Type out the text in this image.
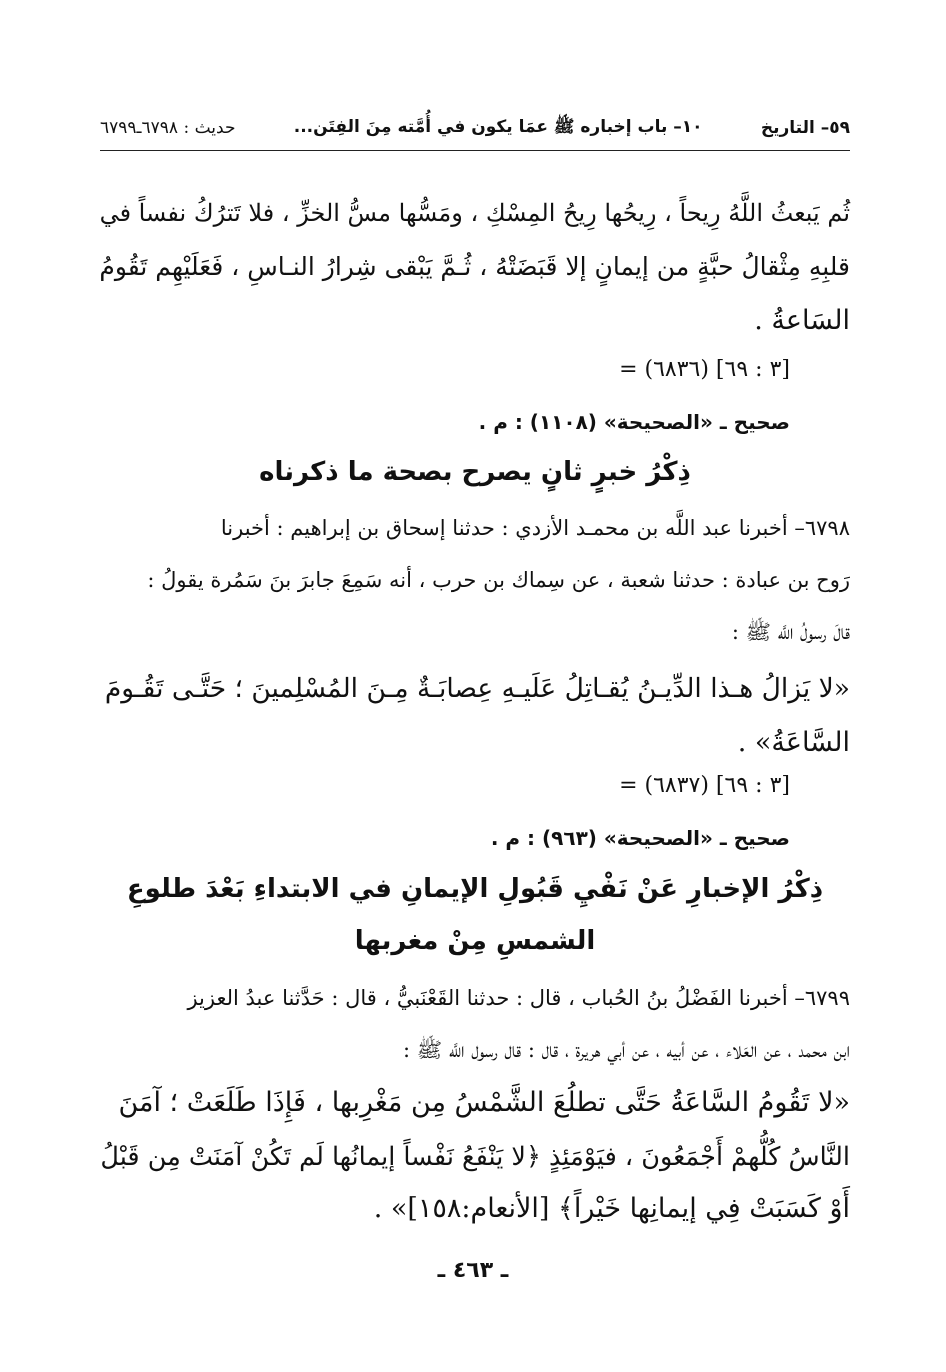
٥٩– التاريخ
١٠– باب إخباره ﷺ عمَا يكون في أُمَّته مِنَ الفِتَن...
حديث : ٦٧٩٨ـ٦٧٩٩
ثُم يَبعثُ اللَّهُ رِيحاً ، رِيحُها رِيحُ المِسْكِ ، ومَسُّها مسُّ الخزِّ ، فلا تَترُكُ نفساً في
قلبِهِ مِثْقالُ حبَّةٍ من إيمانٍ إلا قَبَضَتْهُ ، ثُـمَّ يَبْقى شِرارُ النـاسِ ، فَعَلَيْهِم تَقُومُ
السَاعةُ .
= (٦٨٣٦) [٣ : ٦٩]
صحيح ـ «الصحيحة» (١١٠٨) : م .
ذِكْرُ خبرٍ ثانٍ يصرح بصحة ما ذكرناه
٦٧٩٨– أخبرنا عبد اللَّه بن محمـد الأزدي : حدثنا إسحاق بن إبراهيم : أخبرنا
رَوح بن عبادة : حدثنا شعبة ، عن سِماك بن حرب ، أنه سَمِعَ جابرَ بنَ سَمُرة يقولُ :
قالَ رسولُ اللَّه ﷺ :
«لا يَزالُ هـذا الدِّيـنُ يُقـاتِلُ عَلَيـهِ عِصابَـةٌ مِـنَ المُسْلِمينَ ؛ حَتَّـى تَقُـومَ
السَّاعَةُ» .
= (٦٨٣٧) [٣ : ٦٩]
صحيح ـ «الصحيحة» (٩٦٣) : م .
ذِكْرُ الإخبارِ عَنْ نَفْيِ قَبُولِ الإيمانِ في الابتداءِ بَعْدَ طلوعِ
الشمسِ مِنْ مغربها
٦٧٩٩– أخبرنا الفَضْلُ بنُ الحُباب ، قال : حدثنا القَعْنَبيُّ ، قال : حَدَّثنا عبدُ العزيز
ابن محمد ، عن العَلاء ، عن أبيه ، عن أبي هريرة ، قال : قال رسول اللَّه ﷺ :
«لا تَقُومُ السَّاعَةُ حَتَّى تطلُعَ الشَّمْسُ مِن مَغْرِبها ، فَإِذَا طَلَعَتْ ؛ آمَنَ
النَّاسُ كُلُّهمْ أَجْمَعُونَ ، فيَوْمَئِذٍ ﴿لا يَنْفَعُ نَفْساً إيمانُها لَم تَكُنْ آمَنَتْ مِن قَبْلُ
أَوْ كَسَبَتْ فِي إيمانِها خَيْراً﴾ [الأنعام:١٥٨]» .
ـ ٤٦٣ ـ
